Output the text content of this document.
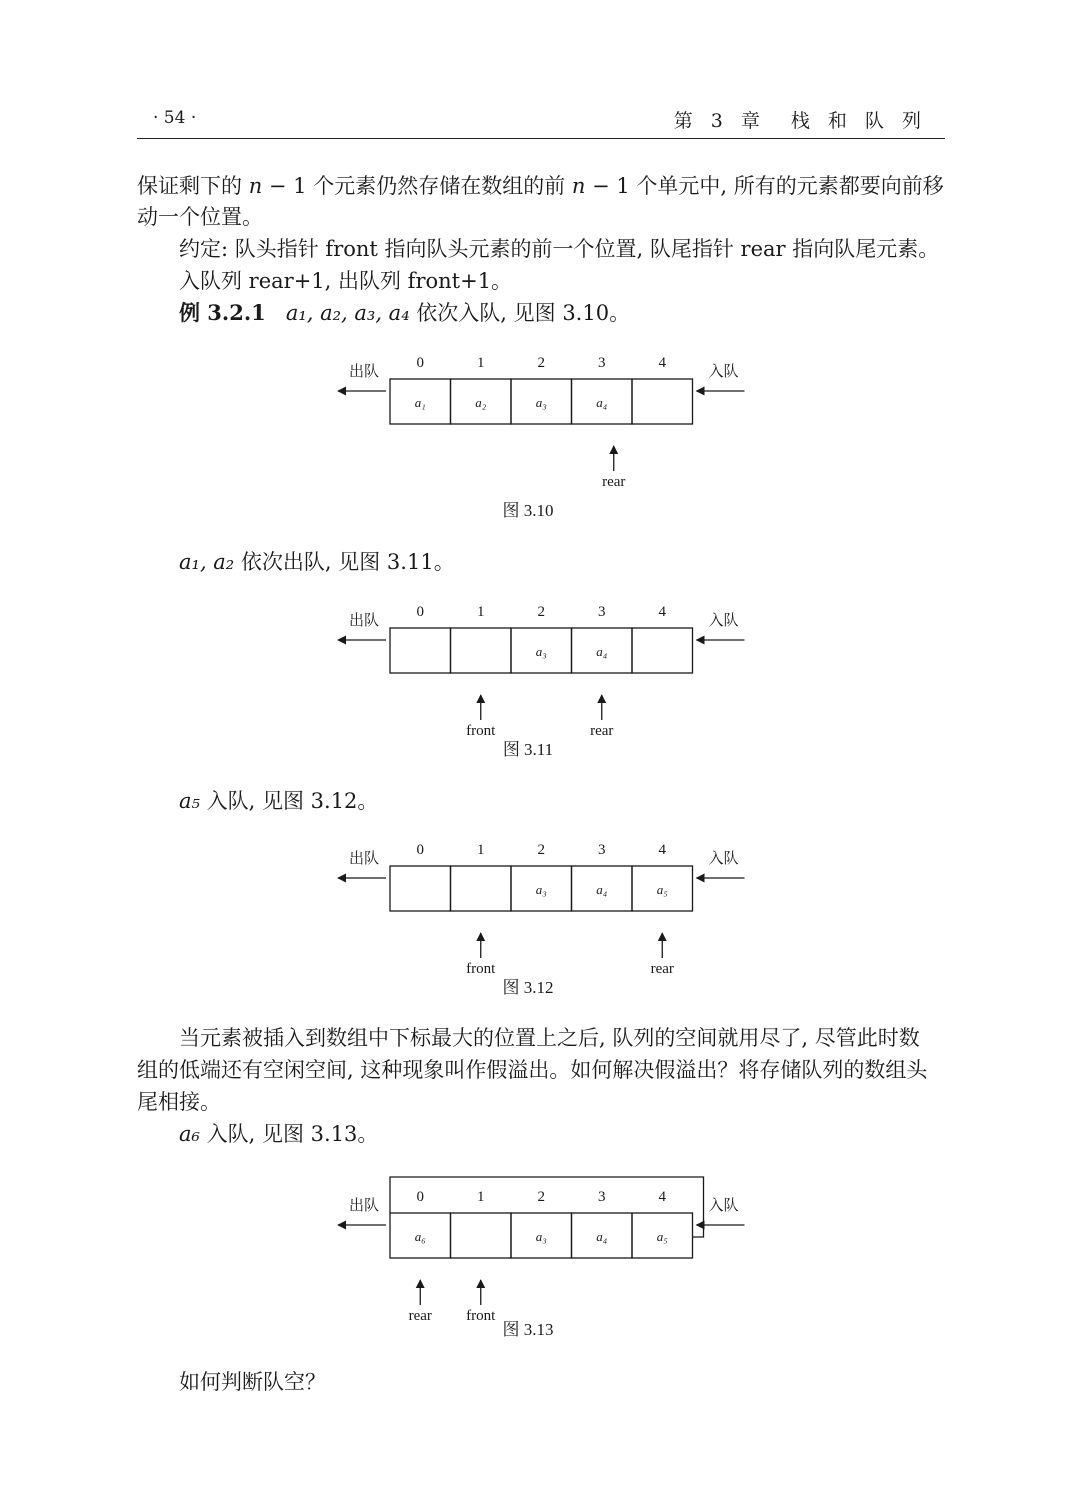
· 54 ·	第 3 章　栈 和 队 列
保证剩下的 n − 1 个元素仍然存储在数组的前 n − 1 个单元中, 所有的元素都要向前移
动一个位置。
约定: 队头指针 front 指向队头元素的前一个位置, 队尾指针 rear 指向队尾元素。
入队列 rear+1, 出队列 front+1。
例 3.2.1 a₁, a₂, a₃, a₄ 依次入队, 见图 3.10。
a₁, a₂ 依次出队, 见图 3.11。
a₅ 入队, 见图 3.12。
当元素被插入到数组中下标最大的位置上之后, 队列的空间就用尽了, 尽管此时数
组的低端还有空闲空间, 这种现象叫作假溢出。如何解决假溢出？将存储队列的数组头
尾相接。
a₆ 入队, 见图 3.13。
如何判断队空？
a₁	a₂	a₃	a₄
0	1	2	3	4
出队	入队
rear
图 3.10
a₃	a₄
0	1	2	3	4
出队	入队
front	rear
图 3.11
a₃	a₄	a₅
0	1	2	3	4
出队	入队
front	rear
图 3.12
a₆	a₃	a₄	a₅
0	1	2	3	4
出队	入队
front
rear
图 3.13
